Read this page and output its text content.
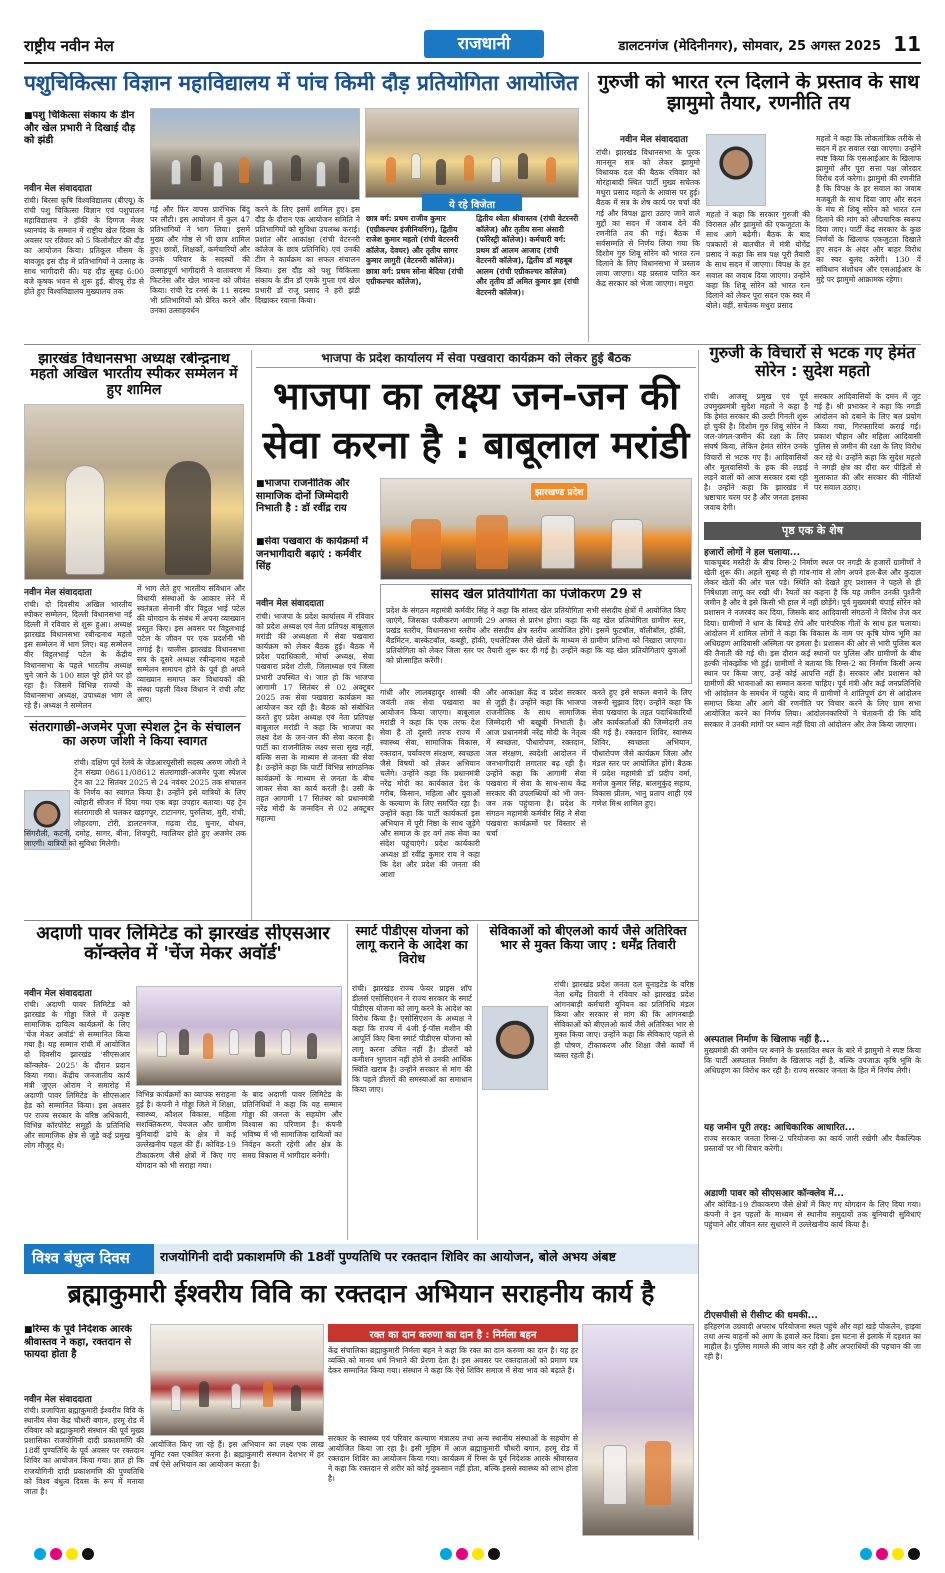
राष्ट्रीय नवीन मेल	राजधानी	डालटनगंज (मेदिनीनगर), सोमवार, 25 अगस्त 2025 11
पशुचिकित्सा विज्ञान महाविद्यालय में पांच किमी दौड़ प्रतियोगिता आयोजित
■ पशु चिकित्सा संकाय के डीन और खेल प्रभारी ने दिखाई दौड़ को झंडी
नवीन मेल संवाददाता
रांची। बिरसा कृषि विश्वविद्यालय (बीएयू) के रांची पशु चिकित्सा विज्ञान एवं पशुपालन महाविद्यालय ने हॉकी के दिग्गज मेजर ध्यानचंद के सम्मान में राष्ट्रीय खेल दिवस के अवसर पर रविवार को 5 किलोमीटर की दौड़ का आयोजन किया। प्रतिकूल मौसम के बावजूद इस दौड़ में प्रतिभागियों ने उत्साह के साथ भागीदारी की। यह दौड़ सुबह 6:00 बजे कृषक भवन से शुरू हुई, बीएयू रोड से होते हुए विश्वविद्यालय मुख्यालय तक
गई और फिर वापस प्रारंभिक बिंदु पर लौटी। इस आयोजन में कुल 47 प्रतिभागियों ने भाग लिया। इसमें मुख्य और गोष्ठ से भी छात्र शामिल हुए। छात्रों, शिक्षकों, कर्मचारियों और उनके परिवार के सदस्यों की उत्साहपूर्ण भागीदारी ने वातावरण में फिटनेस और खेल भावना को जीवंत किया। रांची रेड रनर्स के 11 सदस्य भी प्रतिभागियों को प्रेरित करने और उनका उत्साहवर्धन
करने के लिए इसमें शामिल हुए। इस दौड़ के दौरान एक आयोजन समिति ने प्रतिभागियों को सुविधा उपलब्ध कराई। प्रशांत और आकांक्षा (रांची वेटरनरी कॉलेज के छात्र प्रतिनिधि) एवं उनकी टीम ने कार्यक्रम का सफल संचालन किया। इस दौड़ को पशु चिकित्सा संकाय के डीन डॉ एमके गुप्ता एवं खेल प्रभारी डॉ राजू प्रसाद ने हरी झंडी दिखाकर रवाना किया।
ये रहे विजेता
छात्र वर्ग: प्रथम राजीव कुमार (एग्रीकल्चर इंजीनियरिंग), द्वितीय राजेश कुमार महतो (रांची वेटरनरी कॉलेज, देवघर) और तृतीय सागर कुमार लागुरी (वेटरनरी कॉलेज)। छात्रा वर्ग: प्रथम सोना बेदिया (रांची एग्रीकल्चर कॉलेज),
द्वितीय श्वेता श्रीवास्तव (रांची वेटरनरी कॉलेज) और तृतीय सना अंसारी (फॉरेस्ट्री कॉलेज)। कर्मचारी वर्ग: प्रथम डॉ आलम आजाद (रांची वेटरनरी कॉलेज), द्वितीय डॉ महबूब आलम (रांची एग्रीकल्चर कॉलेज) और तृतीय डॉ अमित कुमार झा (रांची वेटरनरी कॉलेज)।
गुरुजी को भारत रत्न दिलाने के प्रस्ताव के साथ झामुमो तैयार, रणनीति तय
नवीन मेल संवाददाता
रांची। झारखंड विधानसभा के पूरक मानसून सत्र को लेकर झामुमो विधायक दल की बैठक रविवार को मोरहाबादी स्थित पार्टी मुख्य सचेतक मथुरा प्रसाद महतो के आवास पर हुई। बैठक में सत्र के शेष कार्य पर चर्चा की गई और विपक्ष द्वारा उठाए जाने वाले मुद्दों का सदन में जवाब देने की रणनीति तय की गई। बैठक में सर्वसम्मति से निर्णय लिया गया कि दिशोम गुरु शिबू सोरेन को भारत रत्न दिलाने के लिए विधानसभा में प्रस्ताव लाया जाएगा। यह प्रस्ताव पारित कर केंद्र सरकार को भेजा जाएगा। मथुरा
महतो ने कहा कि सरकार गुरुजी की विरासत और झामुमो की एकजुटता के साथ आगे बढ़ेगी। बैठक के बाद पत्रकारों से बातचीत में मंत्री योगेंद्र प्रसाद ने कहा कि सत्र पक्ष पूरी तैयारी के साथ सदन में जाएगा। विपक्ष के हर सवाल का जवाब दिया जाएगा। उन्होंने कहा कि शिबू सोरेन को भारत रत्न दिलाने को लेकर पूरा सदन एक स्वर में बोले। वहीं, सचेतक मथुरा प्रसाद
महतो ने कहा कि लोकतांत्रिक तरीके से सदन में हर सवाल रखा जाएगा। उन्होंने स्पष्ट किया कि एसआईआर के खिलाफ झामुमो और पूरा सत्ता पक्ष जोरदार विरोध दर्ज करेगा। झामुमो की रणनीति है कि विपक्ष के हर सवाल का जवाब मजबूती के साथ दिया जाए और सदन के मंच से शिबू सोरेन को भारत रत्न दिलाने की मांग को औपचारिक स्वरूप दिया जाए। पार्टी केंद्र सरकार के कुछ निर्णयों के खिलाफ एकजुटता दिखाते हुए सदन के अंदर और बाहर विरोध का स्वर बुलंद करेगी। 130 वें संविधान संशोधन और एसआईआर के मुद्दे पर झामुमो आक्रामक रहेगा।
झारखंड विधानसभा अध्यक्ष रबीन्द्रनाथ महतो अखिल भारतीय स्पीकर सम्मेलन में हुए शामिल
नवीन मेल संवाददाता
रांची। दो दिवसीय अखिल भारतीय स्पीकर सम्मेलन, दिल्ली विधानसभा नई दिल्ली में रविवार से शुरू हुआ। अध्यक्ष झारखंड विधानसभा रबीन्द्रनाथ महतो इस सम्मेलन में भाग लिए। यह सम्मेलन वीर विट्ठलभाई पटेल के केंद्रीय विधानसभा के पहले भारतीय अध्यक्ष चुने जाने के 100 साल पूरे होने पर हो रहा है। जिसमें विभिन्न राज्यों के विधानसभा अध्यक्ष, उपाध्यक्ष भाग ले रहे हैं। अध्यक्ष ने सम्मेलन
में भाग लेते हुए भारतीय संविधान और विधायी संस्थाओं के आकार लेने में स्वतंत्रता सेनानी वीर विट्ठल भाई पटेल की योगदान के संबंध में अपना व्याख्यान प्रस्तुत किए। इस अवसर पर विट्ठलभाई पटेल के जीवन पर एक प्रदर्शनी भी लगाई है। चालीस झारखंड विधानसभा सत्र के दूसरे अध्यक्ष रबीन्द्रनाथ महतो सम्मेलन समापन होने के पूर्व ही अपने व्याख्यान समाप्त कर विधायकों की संस्था पहली विश्व विधान ने रांची लौट आए।
संतरागाछी-अजमेर पूजा स्पेशल ट्रेन के संचालन का अरुण जोशी ने किया स्वागत
रांची। दक्षिण पूर्व रेलवे के जेडआरयूसीसी सदस्य अरुण जोशी ने ट्रेन संख्या 08611/08612 संतरागाछी-अजमेर पूजा स्पेशल ट्रेन का 22 सितंबर 2025 से 24 नवंबर 2025 तक संचालन के निर्णय का स्वागत किया है। उन्होंने इसे यात्रियों के लिए त्योहारी सीजन में दिया गया एक बड़ा उपहार बताया। यह ट्रेन संतरागाछी से चलकर खड़गपुर, टाटानगर, पुरुलिया, मुरी, रांची, लोहरदगा, टोरी, डालटनगंज, गढ़वा रोड, चुनार, योधन, सिंगरौली, कटनी, दमोह, सागर, बीना, शिवपुरी, ग्वालियर होते हुए अजमेर तक जाएगी। यात्रियों को सुविधा मिलेगी।
भाजपा के प्रदेश कार्यालय में सेवा पखवारा कार्यक्रम को लेकर हुई बैठक
भाजपा का लक्ष्य जन-जन की सेवा करना है : बाबूलाल मरांडी
■ भाजपा राजनीतिक और सामाजिक दोनों जिम्मेदारी निभाती है : डॉ रवींद्र राय
■ सेवा पखवारा के कार्यक्रमों में जनभागीदारी बढ़ाएं : कर्मवीर सिंह
नवीन मेल संवाददाता
झारखण्ड प्रदेश
रांची। भाजपा के प्रदेश कार्यालय में रविवार को प्रदेश अध्यक्ष एवं नेता प्रतिपक्ष बाबूलाल मरांडी की अध्यक्षता में सेवा पखवारा कार्यक्रम को लेकर बैठक हुई। बैठक में प्रदेश पदाधिकारी, मोर्चा अध्यक्ष, सेवा पखवारा प्रदेश टोली, जिलाध्यक्ष एवं जिला प्रभारी उपस्थित थे। जात हो कि भाजपा आगामी 17 सितंबर से 02 अक्टूबर 2025 तक सेवा पखवारा कार्यक्रम का आयोजन कर रही है। बैठक को संबोधित करते हुए प्रदेश अध्यक्ष एवं नेता प्रतिपक्ष बाबूलाल मरांडी ने कहा कि भाजपा का लक्ष्य देश के जन-जन की सेवा करना है। पार्टी का राजनीतिक लक्ष्य सत्ता सुख नहीं, बल्कि सत्ता के माध्यम से जनता की सेवा है। उन्होंने कहा कि पार्टी विभिन्न सांगठनिक कार्यक्रमों के माध्यम से जनता के बीच जाकर सेवा का कार्य करती है। उसी के तहत आगामी 17 सितंबर को प्रधानमंत्री नरेंद्र मोदी के जन्मदिन से 02 अक्टूबर महात्मा
सांसद खेल प्रतियोगिता का पंजीकरण 29 से
प्रदेश के संगठन महामंत्री कर्मवीर सिंह ने कहा कि सांसद खेल प्रतियोगिता सभी संसदीय क्षेत्रों में आयोजित किए जाएंगे, जिसका पंजीकरण आगामी 29 अगस्त से प्रारंभ होगा। कहा कि यह खेल प्रतियोगिता ग्रामीण स्तर, प्रखंड स्तरीय, विधानसभा स्तरीय और संसदीय क्षेत्र स्तरीय आयोजित होंगे। इसमें फुटबॉल, वॉलीबॉल, हॉकी, बैडमिंटन, बास्केटबॉल, कबड्डी, हॉकी, एथलेटिक्स जैसे खेलों के माध्यम से ग्रामीण प्रतिभा को निखारा जाएगा। प्रतियोगिता को लेकर जिला स्तर पर तैयारी शुरू कर दी गई है। उन्होंने कहा कि यह खेल प्रतियोगिताएं युवाओं को प्रोत्साहित करेंगी।
गांधी और लालबहादुर शास्त्री की जयंती तक सेवा पखवारा का आयोजन किया जाएगा। बाबूलाल मरांडी ने कहा कि एक तरफ देश सेवा है तो दूसरी तरफ राज्य में स्वास्थ्य सेवा, सामाजिक विकास, रक्तदान, पर्यावरण संरक्षण, स्वच्छता जैसे विषयों को लेकर अभियान चलेंगे। उन्होंने कहा कि प्रधानमंत्री नरेंद्र मोदी का कार्यकाल देश के गरीब, किसान, महिला और युवाओं के कल्याण के लिए समर्पित रहा है। उन्होंने कहा कि पार्टी कार्यकर्ता इस अभियान में पूरी निष्ठा के साथ जुड़ेंगे और समाज के हर वर्ग तक सेवा का संदेश पहुंचाएंगे। प्रदेश कार्यकारी अध्यक्ष डॉ रवींद्र कुमार राय ने कहा कि देश और प्रदेश की जनता की आशा
और आकांक्षा केंद्र व प्रदेश सरकार से जुड़ी है। उन्होंने कहा कि भाजपा राजनीतिक के साथ सामाजिक जिम्मेदारी भी बखूबी निभाती है। आज प्रधानमंत्री नरेंद्र मोदी के नेतृत्व में स्वच्छता, पौधारोपण, रक्तदान, जल संरक्षण, स्वदेशी आदोलन में जनभागीदारी लगातार बढ़ रही है। उन्होंने कहा कि आगामी सेवा पखवारा में सेवा के साथ-साथ केंद्र सरकार की उपलब्धियों को भी जन-जन तक पहुंचाना है। प्रदेश के संगठन महामंत्री कर्मवीर सिंह ने सेवा पखवारा कार्यक्रमों पर विस्तार से चर्चा
करते हुए इसे सफल बनाने के लिए जरूरी सुझाव दिए। उन्होंने कहा कि सेवा पखवारा के तहत पदाधिकारियों और कार्यकर्ताओं की जिम्मेदारी तय की गई है। रक्तदान शिविर, स्वास्थ्य शिविर, स्वच्छता अभियान, पौधारोपण जैसे कार्यक्रम जिला और मंडल स्तर पर आयोजित होंगे। बैठक में प्रदेश महामंत्री डॉ प्रदीप वर्मा, मनोज कुमार सिंह, बालमुकुंद सहाय, विकास प्रीतम, भानु प्रताप शाही एवं गणेश मिश्र शामिल हुए।
गुरुजी के विचारों से भटक गए हेमंत सोरेन : सुदेश महतो
रांची। आजसू प्रमुख एवं पूर्व उपमुख्यमंत्री सुदेश महतो ने कहा है कि हेमंत सरकार की उल्टी गिनती शुरू हो चुकी है। दिशोम गुरु शिबू सोरेन ने जल-जंगल-जमीन की रक्षा के लिए संघर्ष किया, लेकिन हेमंत सोरेन उनके विचारों से भटक गए हैं। आदिवासियों और मूलवासियों के हक की लड़ाई लड़ने वालों को आज सरकार दबा रही है। उन्होंने कहा कि झारखंड में भ्रष्टाचार चरम पर है और जनता इसका जवाब देगी।
सरकार आदिवासियों के दमन में जुट गई है। श्री प्रभाकर ने कहा कि नगड़ी आंदोलन को दबाने के लिए बल प्रयोग किया गया, गिरफ्तारियां कराई गईं। प्रकाश चौहान और महिला आदिवासी पुलिस से जमीन की रक्षा के लिए विरोध कर रहे थे। उन्होंने कहा कि सुदेश महतो ने नगड़ी क्षेत्र का दौरा कर पीड़ितों से मुलाकात की और सरकार की नीतियों पर सवाल उठाए।
पृष्ठ एक के शेष
हजारों लोगों ने हल चलाया...
चाकचूबंद मस्तैदी के बीच रिम्स-2 निर्माण स्थल पर नगड़ी के हजारों ग्रामीणों ने खेती शुरू की। अहले सुबह से ही गांव-गांव से लोग अपने हल-बैल और कुदाल लेकर खेतों की ओर चल पड़े। स्थिति को देखते हुए प्रशासन ने पहले से ही निषेधाज्ञा लागू कर रखी थी। रैयतों का कहना है कि यह जमीन उनकी पुश्तैनी जमीन है और वे इसे किसी भी हाल में नहीं छोड़ेंगे। पूर्व मुख्यमंत्री चंपाई सोरेन को प्रशासन ने नजरबंद कर दिया, जिसके बाद आदिवासी संगठनों ने विरोध तेज कर दिया। ग्रामीणों ने धान के बिचड़े रोपे और पारंपरिक गीतों के साथ हल चलाया। आंदोलन में शामिल लोगों ने कहा कि विकास के नाम पर कृषि योग्य भूमि का अधिग्रहण आदिवासी अस्मिता पर हमला है। प्रशासन की ओर से भारी पुलिस बल की तैनाती की गई थी। इस दौरान कई स्थानों पर पुलिस और ग्रामीणों के बीच हल्की नोकझोंक भी हुई। ग्रामीणों ने बताया कि रिम्स-2 का निर्माण किसी अन्य स्थान पर किया जाए, उन्हें कोई आपत्ति नहीं है। सरकार और प्रशासन को ग्रामीणों की भावनाओं का सम्मान करना चाहिए। पूर्व मंत्री और कई जनप्रतिनिधि भी आंदोलन के समर्थन में पहुंचे। बाद में ग्रामीणों ने शांतिपूर्ण ढंग से आंदोलन समाप्त किया और आगे की रणनीति पर विचार करने के लिए ग्राम सभा आयोजित करने का निर्णय लिया। आंदोलनकारियों ने चेतावनी दी कि यदि सरकार ने उनकी मांगों पर ध्यान नहीं दिया तो आंदोलन और तेज किया जाएगा।
अस्पताल निर्माण के खिलाफ नहीं है...
मुख्यमंत्री की जमीन पर बनाने के प्रस्तावित स्थल के बारे में झामुमो ने स्पष्ट किया कि पार्टी अस्पताल निर्माण के खिलाफ नहीं है, बल्कि उपजाऊ कृषि भूमि के अधिग्रहण का विरोध कर रही है। राज्य सरकार जनता के हित में निर्णय लेगी।
यह जमीन पूरी तरह: आधिकारिक आधारित...
राज्य सरकार जनता रिम्स-2 परियोजना का कार्य जारी रखेगी और वैकल्पिक प्रस्तावों पर भी विचार करेगी।
अडाणी पावर को सीएसआर कॉन्क्लेव में...
और कोविड-19 टीकाकरण जैसे क्षेत्रों में किए गए योगदान के लिए दिया गया। कंपनी ने इन पहलों के माध्यम से स्थानीय समुदायों तक बुनियादी सुविधाएं पहुंचाने और जीवन स्तर सुधारने में उल्लेखनीय कार्य किया है।
टीएसपीसी से रीसीप्ट की धमकी...
हरिहरगंज उग्रवादी अपराध परियोजना स्थल पहुंचे और वहां खड़े पोकलेन, हाइवा तथा अन्य वाहनों को आग के हवाले कर दिया। इस घटना से इलाके में दहशत का माहौल है। पुलिस मामले की जांच कर रही है और अपराधियों की पहचान की जा रही है।
अदाणी पावर लिमिटेड को झारखंड सीएसआर कॉन्क्लेव में 'चेंज मेकर अवॉर्ड'
नवीन मेल संवाददाता
रांची। अदाणी पावर लिमिटेड को झारखंड के गोड्डा जिले में उत्कृष्ट सामाजिक दायित्व कार्यक्रमों के लिए 'चेंज मेकर अवॉर्ड' से सम्मानित किया गया है। यह सम्मान रांची में आयोजित दो दिवसीय झारखंड 'सीएसआर कॉन्क्लेव- 2025' के दौरान प्रदान किया गया। केंद्रीय जनजातीय कार्य मंत्री जुएल ओराम ने समारोह में अदाणी पावर लिमिटेड के सीएसआर हेड को सम्मानित किया। इस अवसर पर राज्य सरकार के वरिष्ठ अधिकारी, विभिन्न कॉरपोरेट समूहों के प्रतिनिधि और सामाजिक क्षेत्र से जुड़े कई प्रमुख लोग मौजूद थे।
विभिन्न कार्यक्रमों का व्यापक सराहना हुई है। कंपनी ने गोड्डा जिले में शिक्षा, स्वास्थ्य, कौशल विकास, महिला सशक्तिकरण, पेयजल और ग्रामीण बुनियादी ढांचे के क्षेत्र में कई उल्लेखनीय पहल की हैं। कोविड-19 टीकाकरण जैसे क्षेत्रों में किए गए योगदान को भी सराहा गया।
के बाद अदाणी पावर लिमिटेड के प्रतिनिधियों ने कहा कि यह सम्मान गोड्डा की जनता के सहयोग और विश्वास का परिणाम है। कंपनी भविष्य में भी सामाजिक दायित्वों का निर्वहन करती रहेगी और क्षेत्र के समग्र विकास में भागीदार बनेगी।
स्मार्ट पीडीएस योजना को लागू कराने के आदेश का विरोध
रांची। झारखंड राज्य फेयर प्राइस शॉप डीलर्स एसोसिएशन ने राज्य सरकार के स्मार्ट पीडीएस योजना को लागू करने के आदेश का विरोध किया है। एसोसिएशन के अध्यक्ष ने कहा कि राज्य में 4जी ई-पॉस मशीन की आपूर्ति किए बिना स्मार्ट पीडीएस योजना को लागू करना उचित नहीं है। डीलरों को कमीशन भुगतान नहीं होने से उनकी आर्थिक स्थिति खराब है। उन्होंने सरकार से मांग की कि पहले डीलरों की समस्याओं का समाधान किया जाए।
सेविकाओं को बीएलओ कार्य जैसे अतिरिक्त भार से मुक्त किया जाए : धर्मेंद्र तिवारी
रांची। झारखंड प्रदेश जनता दल यूनाइटेड के वरिष्ठ नेता धर्मेंद्र तिवारी ने रविवार को झारखंड प्रदेश आंगनबाड़ी कर्मचारी यूनियन का प्रतिनिधि मंडल किया और सरकार से मांग की कि आंगनबाड़ी सेविकाओं को बीएलओ कार्य जैसे अतिरिक्त भार से मुक्त किया जाए। उन्होंने कहा कि सेविकाएं पहले से ही पोषण, टीकाकरण और शिक्षा जैसे कार्यों में व्यस्त रहती हैं।
विश्व बंधुत्व दिवस	राजयोगिनी दादी प्रकाशमणि की 18वीं पुण्यतिथि पर रक्तदान शिविर का आयोजन, बोले अभय अंबष्ट
ब्रह्माकुमारी ईश्वरीय विवि का रक्तदान अभियान सराहनीय कार्य है
■ रिम्स के पूर्व निदेशक आरके श्रीवास्तव ने कहा, रक्तदान से फायदा होता है
नवीन मेल संवाददाता
रांची। प्रजापिता ब्रह्माकुमारी ईश्वरीय विवि के स्थानीय सेवा केंद्र चौधरी बगान, हरमू रोड में रविवार को ब्रह्माकुमारी संस्थान की पूर्व मुख्य प्रशासिका राजयोगिनी दादी प्रकाशमणि की 18वीं पुण्यतिथि के पूर्व अवसर पर रक्तदान शिविर का आयोजन किया गया। ज्ञात हो कि राजयोगिनी दादी प्रकाशमणि की पुण्यतिथि को विश्व बंधुत्व दिवस के रूप में मनाया जाता है।
रक्त का दान करुणा का दान है : निर्मला बहन
केंद्र संचालिका ब्रह्माकुमारी निर्मला बहन ने कहा कि रक्त का दान करुणा का दान है। यह हर व्यक्ति को मानव धर्म निभाने की प्रेरणा देता है। इस अवसर पर रक्तदाताओं को प्रमाण पत्र देकर सम्मानित किया गया। संस्थान ने कहा कि ऐसे शिविर समाज में सेवा भाव को बढ़ाते हैं।
आयोजित किए जा रहे हैं। इस अभियान का लक्ष्य एक लाख यूनिट रक्त एकत्रित करना है। ब्रह्माकुमारी संस्थान देशभर में हर वर्ष ऐसे अभियान का आयोजन करता है।
सरकार के स्वास्थ्य एवं परिवार कल्याण मंत्रालय तथा अन्य स्थानीय संस्थाओं के सहयोग से आयोजित किया जा रहा है। इसी मुहिम में आज ब्रह्माकुमारी चौधरी बगान, हरमू रोड में रक्तदान शिविर का आयोजन किया गया। कार्यक्रम में रिम्स के पूर्व निदेशक आरके श्रीवास्तव ने कहा कि रक्तदान से शरीर को कोई नुकसान नहीं होता, बल्कि इससे स्वास्थ्य को लाभ होता है।
